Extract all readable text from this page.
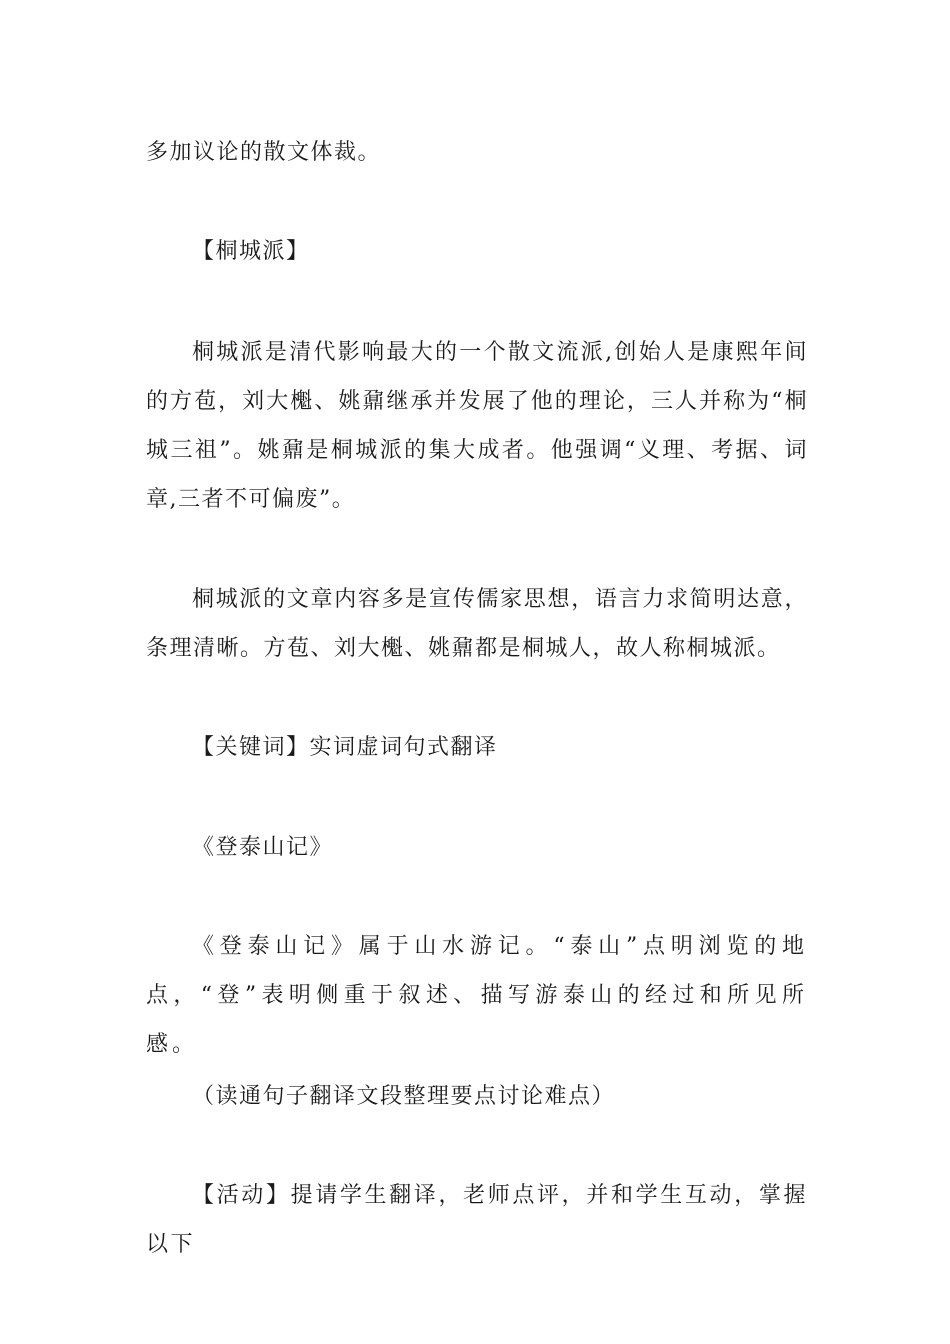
多加议论的散文体裁。

【桐城派】

桐城派是清代影响最大的一个散文流派,创始人是康熙年间的方苞，刘大櫆、姚鼐继承并发展了他的理论，三人并称为“桐城三祖”。姚鼐是桐城派的集大成者。他强调“义理、考据、词章,三者不可偏废”。

桐城派的文章内容多是宣传儒家思想，语言力求简明达意，条理清晰。方苞、刘大櫆、姚鼐都是桐城人，故人称桐城派。

【关键词】实词虚词句式翻译

《登泰山记》

《登泰山记》属于山水游记。“泰山”点明浏览的地点，“登”表明侧重于叙述、描写游泰山的经过和所见所感。

（读通句子翻译文段整理要点讨论难点）

【活动】提请学生翻译，老师点评，并和学生互动，掌握以下
